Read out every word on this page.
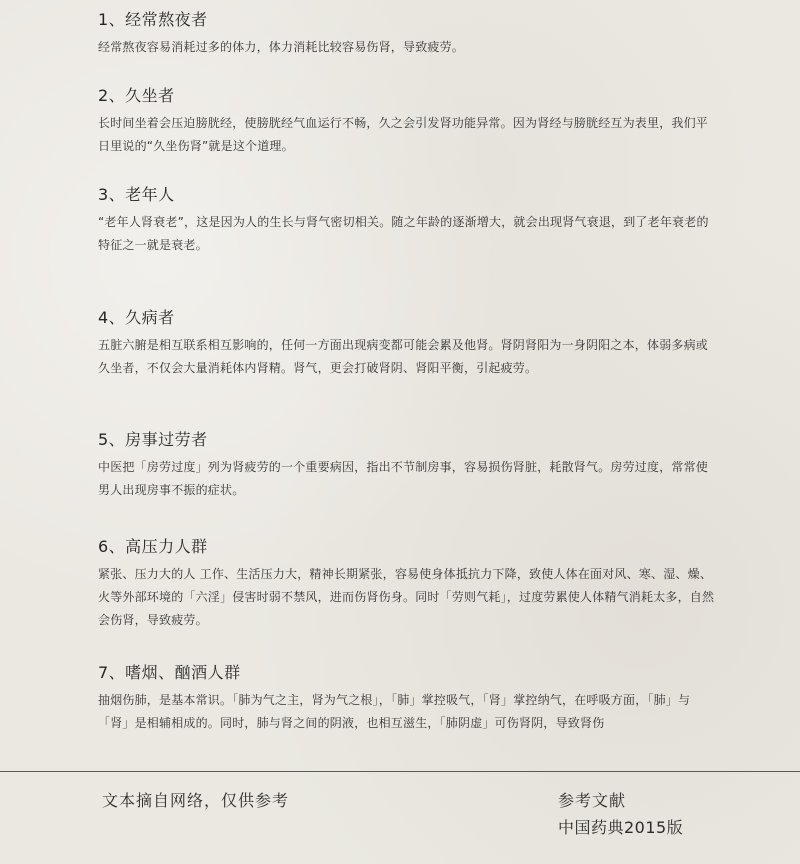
1、经常熬夜者

经常熬夜容易消耗过多的体力，体力消耗比较容易伤肾，导致疲劳。

2、久坐者

长时间坐着会压迫膀胱经，使膀胱经气血运行不畅，久之会引发肾功能异常。因为肾经与膀胱经互为表里，我们平日里说的“久坐伤肾”就是这个道理。

3、老年人

“老年人肾衰老”，这是因为人的生长与肾气密切相关。随之年龄的逐渐增大，就会出现肾气衰退，到了老年衰老的特征之一就是衰老。

4、久病者

五脏六腑是相互联系相互影响的，任何一方面出现病变都可能会累及他肾。肾阴肾阳为一身阴阳之本，体弱多病或久坐者，不仅会大量消耗体内肾精。肾气，更会打破肾阴、肾阳平衡，引起疲劳。

5、房事过劳者

中医把「房劳过度」列为肾疲劳的一个重要病因，指出不节制房事，容易损伤肾脏，耗散肾气。房劳过度，常常使男人出现房事不振的症状。

6、高压力人群

紧张、压力大的人 工作、生活压力大，精神长期紧张，容易使身体抵抗力下降，致使人体在面对风、寒、湿、燥、火等外部环境的「六淫」侵害时弱不禁风，进而伤肾伤身。同时「劳则气耗」，过度劳累使人体精气消耗太多，自然会伤肾，导致疲劳。

7、嗜烟、酗酒人群

抽烟伤肺，是基本常识。「肺为气之主，肾为气之根」，「肺」掌控吸气，「肾」掌控纳气，在呼吸方面，「肺」与「肾」是相辅相成的。同时，肺与肾之间的阴液，也相互滋生，「肺阴虚」可伤肾阴，导致肾伤

文本摘自网络，仅供参考	参考文献
中国药典2015版
